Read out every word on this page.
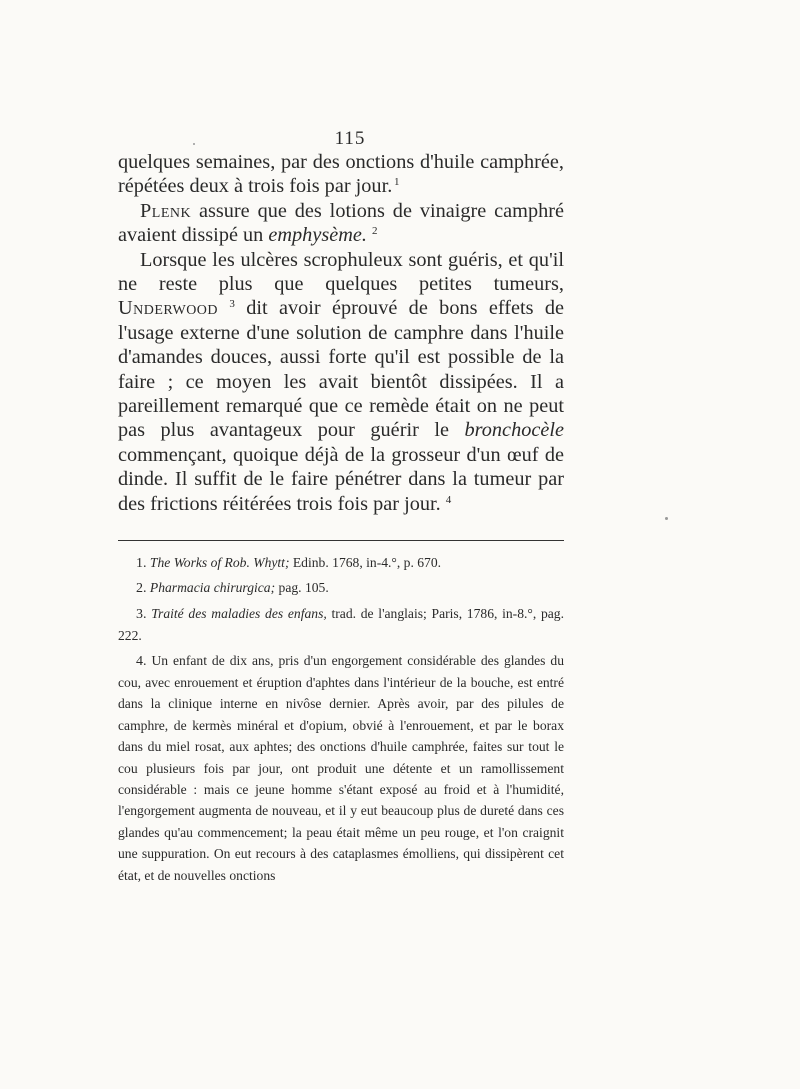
115

quelques semaines, par des onctions d'huile camphrée, répétées deux à trois fois par jour.  $^1$

Plenk assure que des lotions de vinaigre camphré avaient dissipé un emphysème. $^2$

Lorsque les ulcères scrophuleux sont guéris, et qu'il ne reste plus que quelques petites tumeurs, Underwood $^3$ dit avoir éprouvé de bons effets de l'usage externe d'une solution de camphre dans l'huile d'amandes douces, aussi forte qu'il est possible de la faire ; ce moyen les avait bientôt dissipées. Il a pareillement remarqué que ce remède était on ne peut pas plus avantageux pour guérir le bronchocèle commençant, quoique déjà de la grosseur d'un œuf de dinde. Il suffit de le faire pénétrer dans la tumeur par des frictions réitérées trois fois par jour. $^4$

1. The Works of Rob. Whytt; Edinb. 1768, in-4.°, p. 670.

2. Pharmacia chirurgica; pag. 105.

3. Traité des maladies des enfans, trad. de l'anglais; Paris, 1786, in-8.°, pag. 222.

4. Un enfant de dix ans, pris d'un engorgement considérable des glandes du cou, avec enrouement et éruption d'aphtes dans l'intérieur de la bouche, est entré dans la clinique interne en nivôse dernier. Après avoir, par des pilules de camphre, de kermès minéral et d'opium, obvié à l'enrouement, et par le borax dans du miel rosat, aux aphtes; des onctions d'huile camphrée, faites sur tout le cou plusieurs fois par jour, ont produit une détente et un ramollissement considérable : mais ce jeune homme s'étant exposé au froid et à l'humidité, l'engorgement augmenta de nouveau, et il y eut beaucoup plus de dureté dans ces glandes qu'au commencement; la peau était même un peu rouge, et l'on craignit une suppuration. On eut recours à des cataplasmes émolliens, qui dissipèrent cet état, et de nouvelles onctions
